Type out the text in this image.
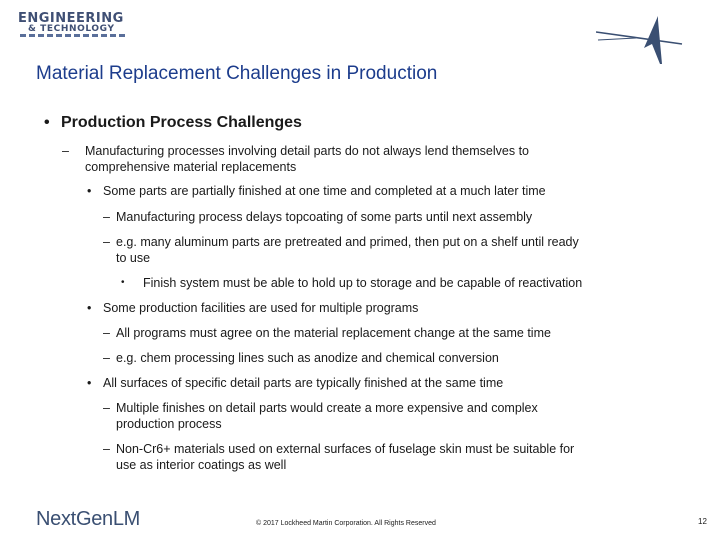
ENGINEERING
& TECHNOLOGY
Material Replacement Challenges in Production
• Production Process Challenges
– Manufacturing processes involving detail parts do not always lend themselves to
comprehensive material replacements
• Some parts are partially finished at one time and completed at a much later time
– Manufacturing process delays topcoating of some parts until next assembly
– e.g. many aluminum parts are pretreated and primed, then put on a shelf until ready
to use
• Finish system must be able to hold up to storage and be capable of reactivation
• Some production facilities are used for multiple programs
– All programs must agree on the material replacement change at the same time
– e.g. chem processing lines such as anodize and chemical conversion
• All surfaces of specific detail parts are typically finished at the same time
– Multiple finishes on detail parts would create a more expensive and complex
production process
– Non-Cr6+ materials used on external surfaces of fuselage skin must be suitable for
use as interior coatings as well
NextGenLM	© 2017 Lockheed Martin Corporation. All Rights Reserved	12
